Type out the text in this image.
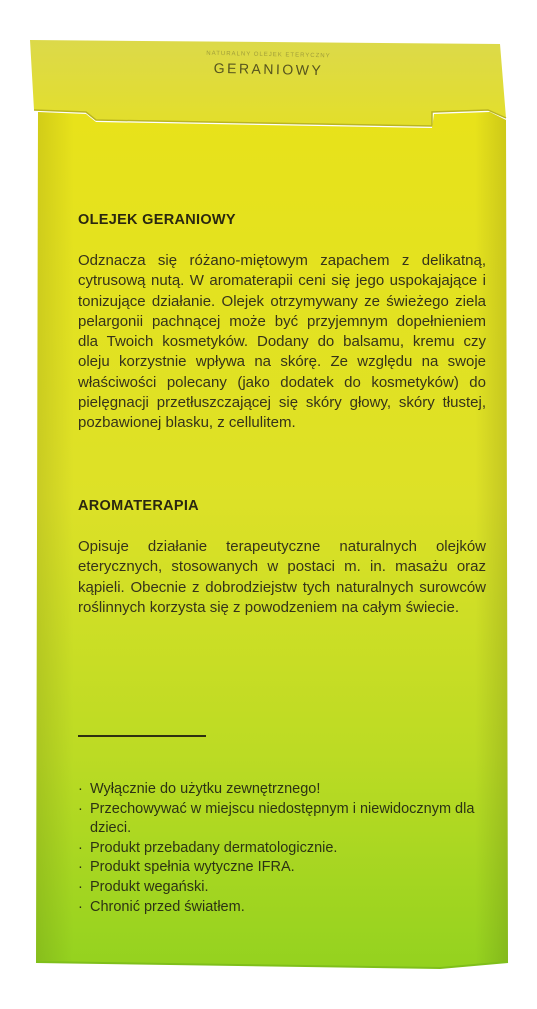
NATURALNY OLEJEK ETERYCZNY
GERANIOWY
OLEJEK GERANIOWY
Odznacza się różano-miętowym zapachem z delikatną, cytrusową nutą. W aromaterapii ceni się jego uspokajające i tonizujące działanie. Olejek otrzymywany ze świeżego ziela pelargonii pachnącej może być przyjemnym dopełnieniem dla Twoich kosmetyków. Dodany do balsamu, kremu czy oleju korzystnie wpływa na skórę. Ze względu na swoje właściwości polecany (jako dodatek do kosmetyków) do pielęgnacji przetłuszczającej się skóry głowy, skóry tłustej, pozbawionej blasku, z cellulitem.
AROMATERAPIA
Opisuje działanie terapeutyczne naturalnych olejków eterycznych, stosowanych w postaci m. in. masażu oraz kąpieli. Obecnie z dobrodziejstw tych naturalnych surowców roślinnych korzysta się z powodzeniem na całym świecie.
· Wyłącznie do użytku zewnętrznego!
· Przechowywać w miejscu niedostępnym i niewidocznym dla dzieci.
· Produkt przebadany dermatologicznie.
· Produkt spełnia wytyczne IFRA.
· Produkt wegański.
· Chronić przed światłem.
